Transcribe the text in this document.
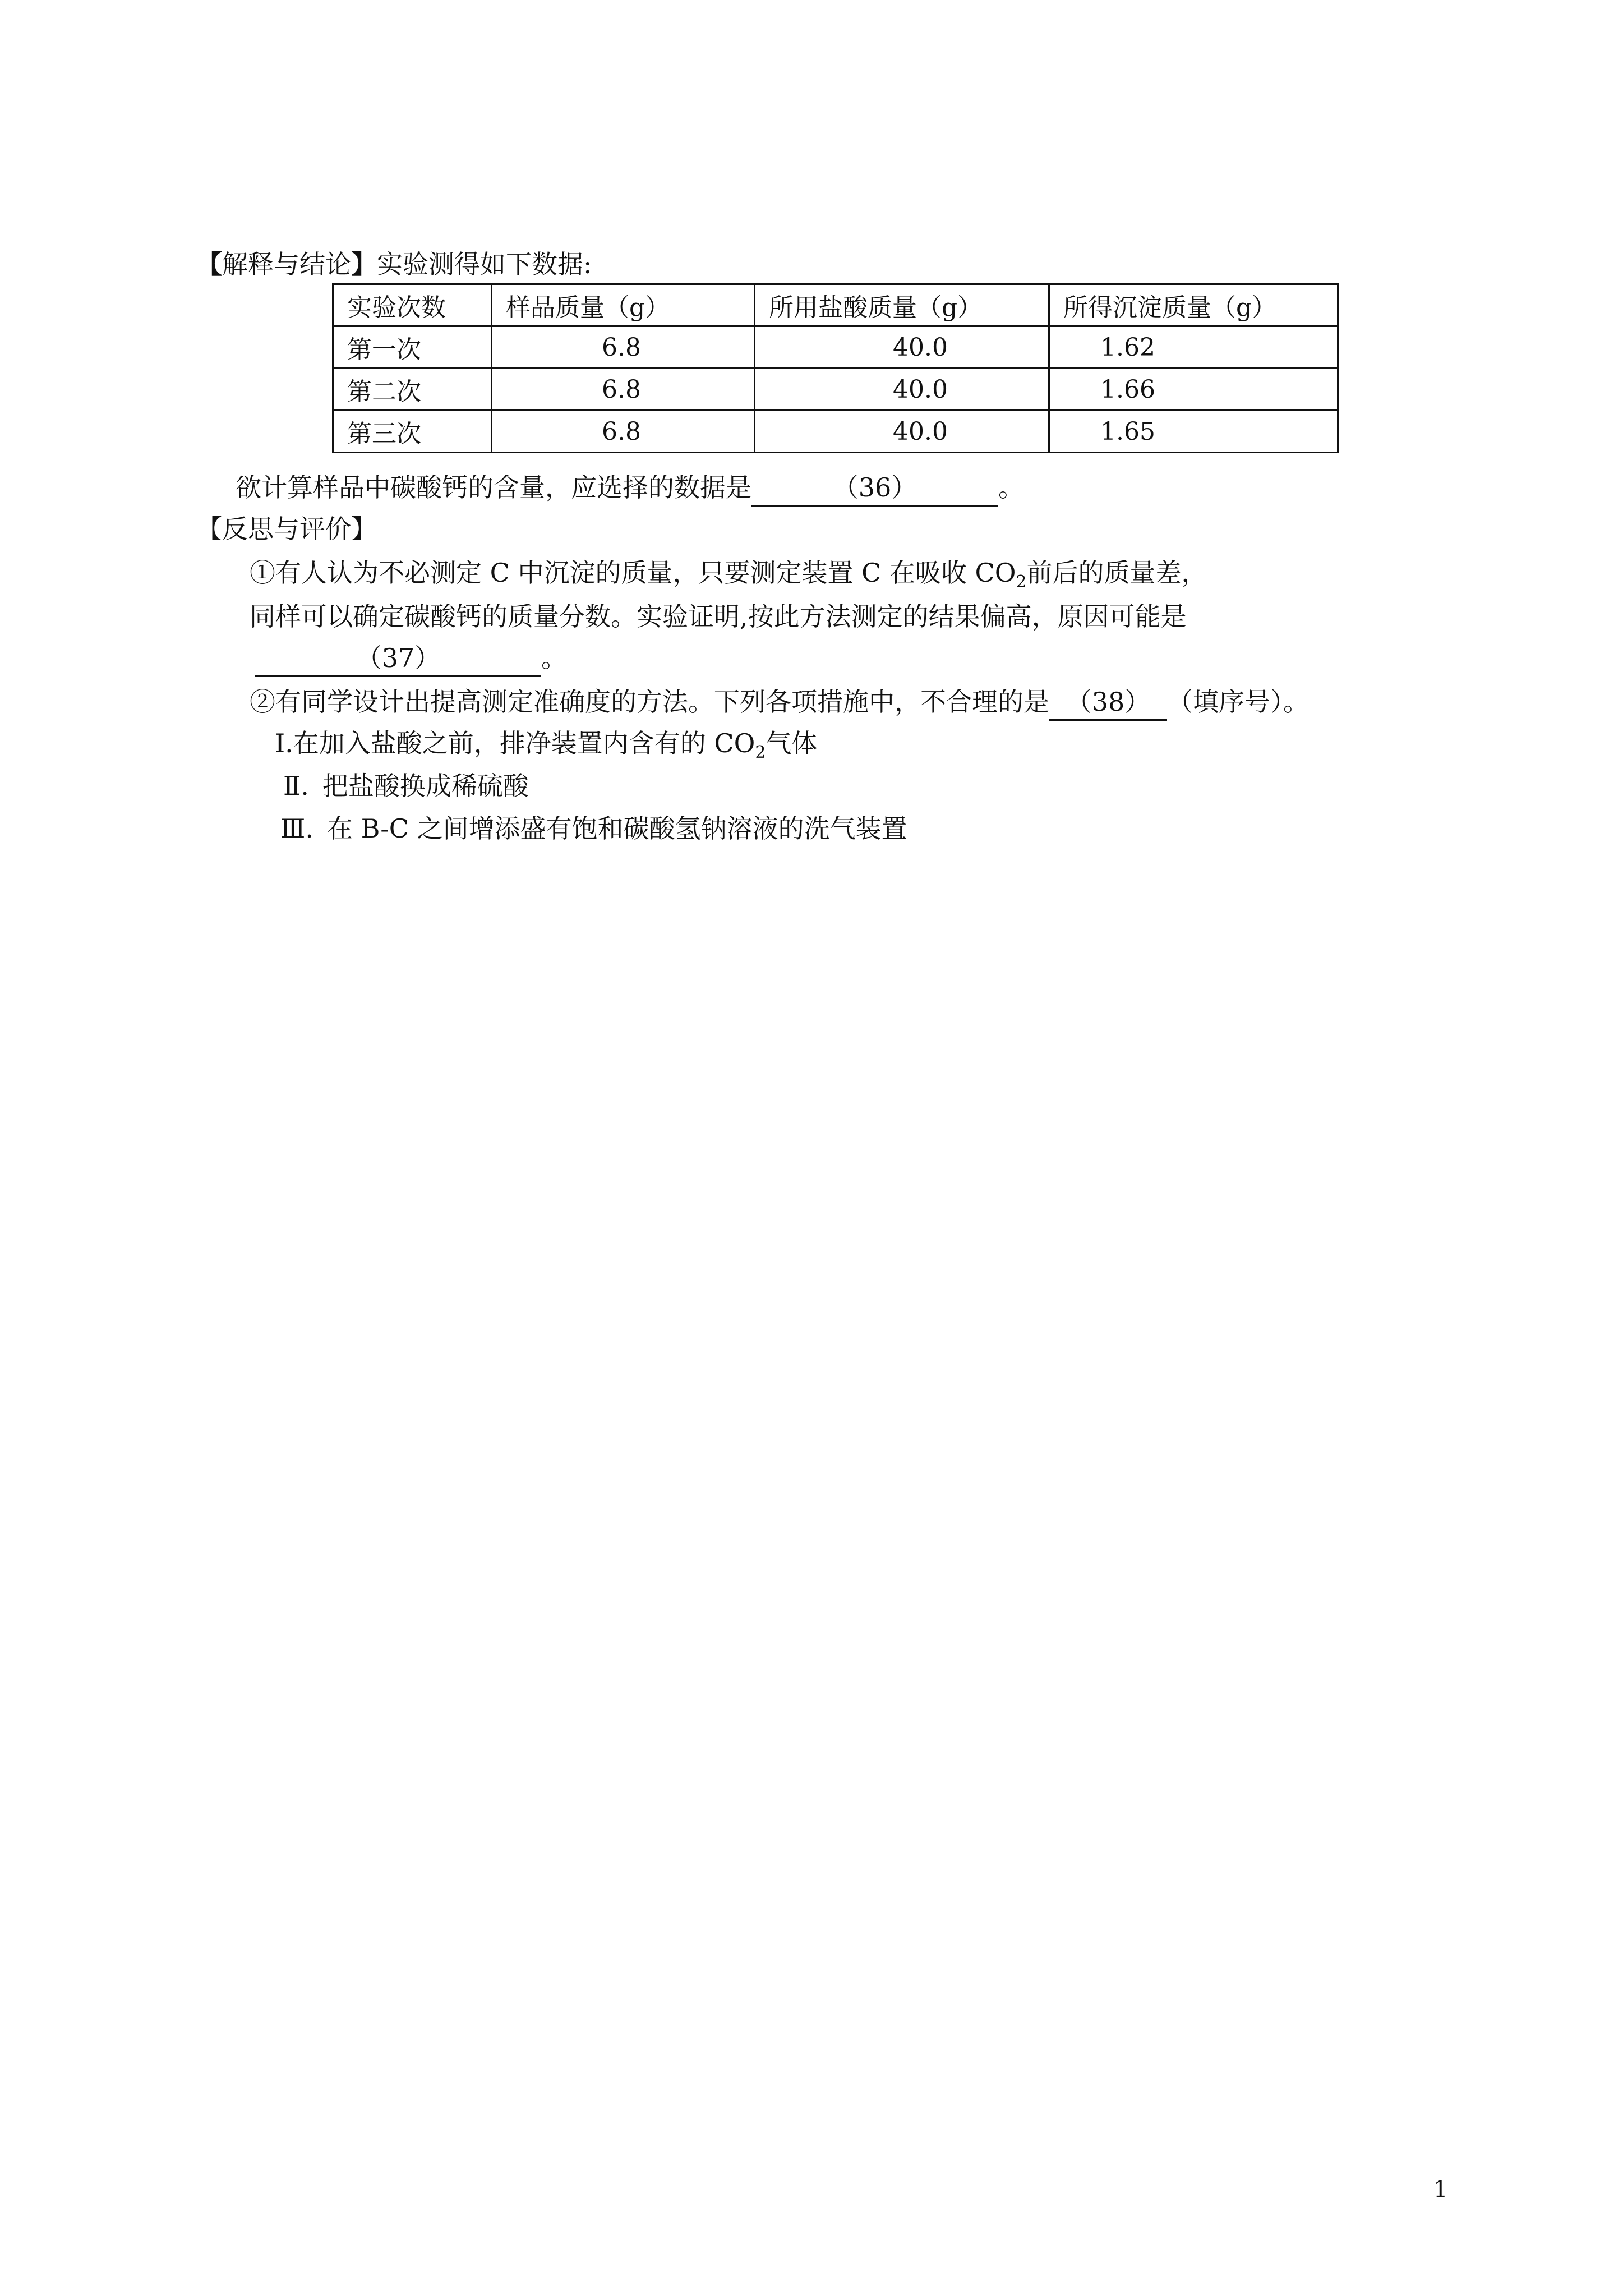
【解释与结论】实验测得如下数据:
实验次数	样品质量（g）	所用盐酸质量（g）	所得沉淀质量（g）
第一次	6.8	40.0	1.62
第二次	6.8	40.0	1.66
第三次	6.8	40.0	1.65
欲计算样品中碳酸钙的含量，应选择的数据是	（36）	。
【反思与评价】
①有人认为不必测定 C 中沉淀的质量，只要测定装置 C 在吸收 $CO_2$前后的质量差，
同样可以确定碳酸钙的质量分数。实验证明,按此方法测定的结果偏高，原因可能是
（37）	。
②有同学设计出提高测定准确度的方法。下列各项措施中，不合理的是 （38） （填序号）。
Ⅰ.在加入盐酸之前，排净装置内含有的 $CO_2$气体
Ⅱ. 把盐酸换成稀硫酸
Ⅲ. 在 B-C 之间增添盛有饱和碳酸氢钠溶液的洗气装置
1
